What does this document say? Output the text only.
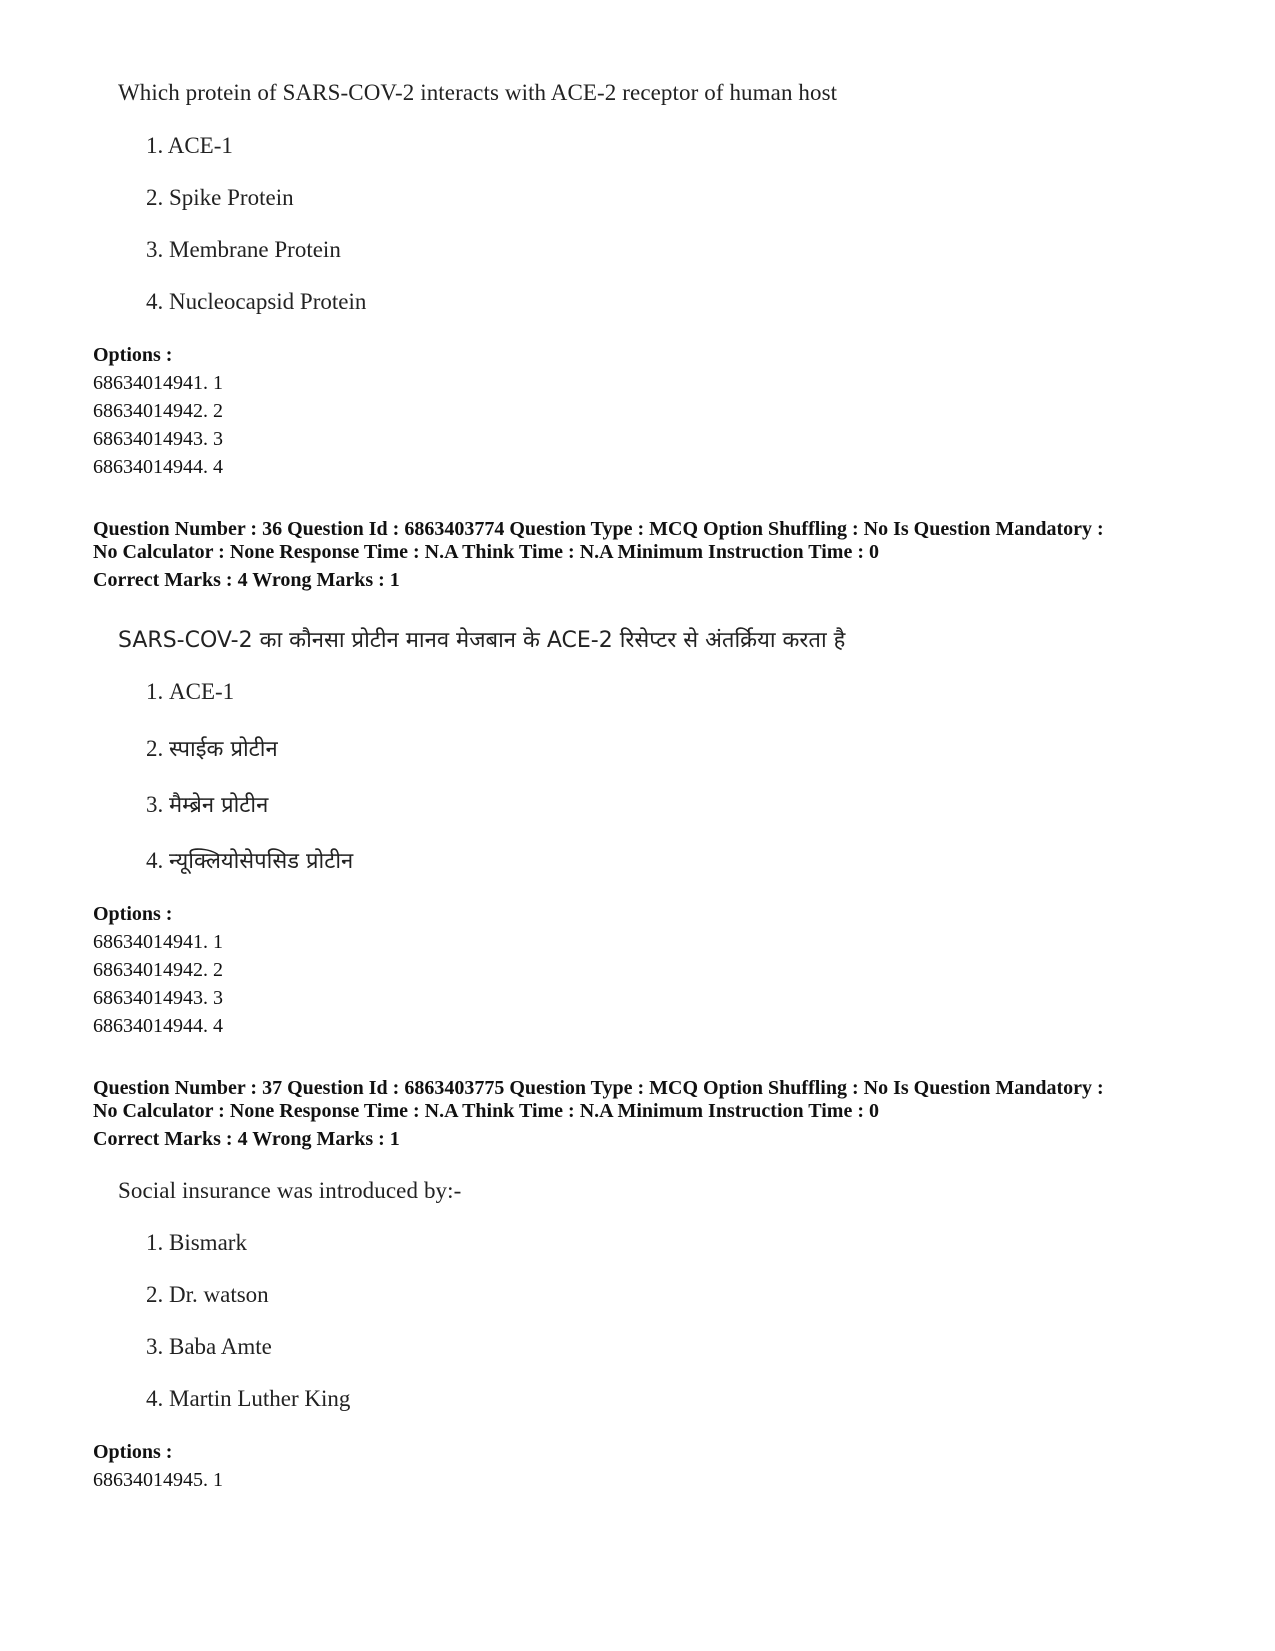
Which protein of SARS-COV-2 interacts with ACE-2 receptor of human host
1. ACE-1
2. Spike Protein
3. Membrane Protein
4. Nucleocapsid Protein
Options :
68634014941. 1
68634014942. 2
68634014943. 3
68634014944. 4
Question Number : 36 Question Id : 6863403774 Question Type : MCQ Option Shuffling : No Is Question Mandatory :
No Calculator : None Response Time : N.A Think Time : N.A Minimum Instruction Time : 0
Correct Marks : 4 Wrong Marks : 1
SARS-COV-2 का कौनसा प्रोटीन मानव मेजबान के ACE-2 रिसेप्टर से अंतर्क्रिया करता है
1. ACE-1
2. स्पाईक प्रोटीन
3. मैम्ब्रेन प्रोटीन
4. न्यूक्लियोसेपसिड प्रोटीन
Options :
68634014941. 1
68634014942. 2
68634014943. 3
68634014944. 4
Question Number : 37 Question Id : 6863403775 Question Type : MCQ Option Shuffling : No Is Question Mandatory :
No Calculator : None Response Time : N.A Think Time : N.A Minimum Instruction Time : 0
Correct Marks : 4 Wrong Marks : 1
Social insurance was introduced by:-
1. Bismark
2. Dr. watson
3. Baba Amte
4. Martin Luther King
Options :
68634014945. 1
